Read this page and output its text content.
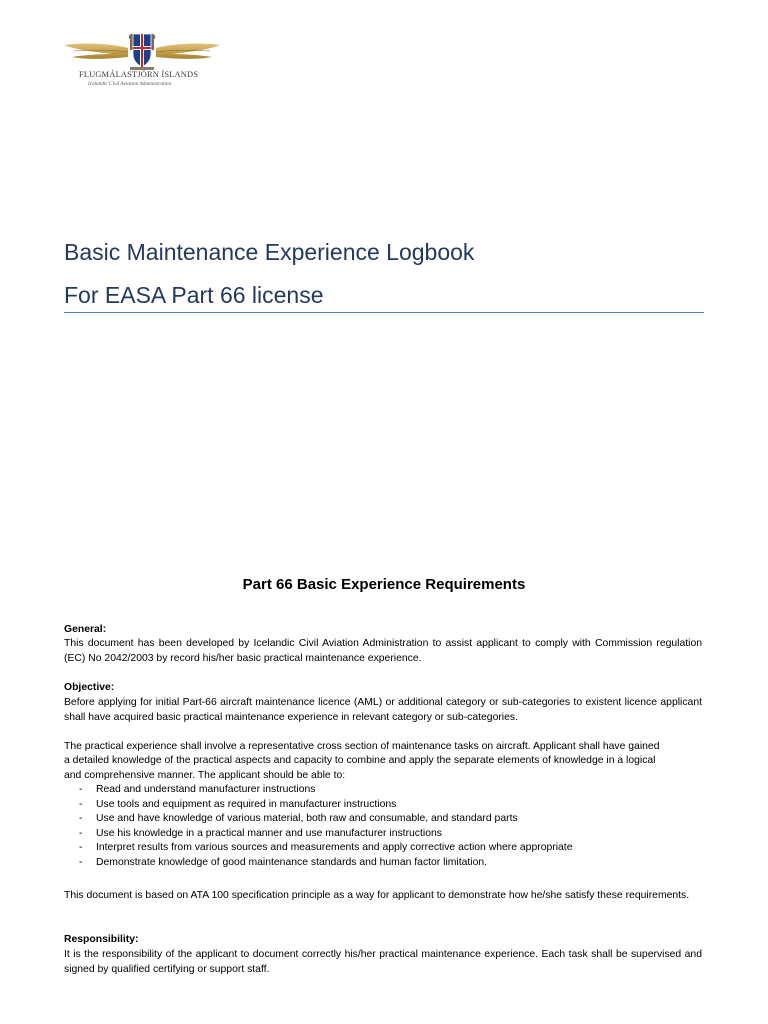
FLUGMÁLASTJÓRN ÍSLANDS
Icelandic Civil Aviation Administration
Basic Maintenance Experience Logbook
For EASA Part 66 license
Part 66 Basic Experience Requirements
General:
This document has been developed by Icelandic Civil Aviation Administration to assist applicant to comply with Commission regulation (EC) No 2042/2003 by record his/her basic practical maintenance experience.
Objective:
Before applying for initial Part-66 aircraft maintenance licence (AML) or additional category or sub-categories to existent licence applicant shall have acquired basic practical maintenance experience in relevant category or sub-categories.
The practical experience shall involve a representative cross section of maintenance tasks on aircraft. Applicant shall have gained
a detailed knowledge of the practical aspects and capacity to combine and apply the separate elements of knowledge in a logical
and comprehensive manner. The applicant should be able to:
- Read and understand manufacturer instructions
- Use tools and equipment as required in manufacturer instructions
- Use and have knowledge of various material, both raw and consumable, and standard parts
- Use his knowledge in a practical manner and use manufacturer instructions
- Interpret results from various sources and measurements and apply corrective action where appropriate
- Demonstrate knowledge of good maintenance standards and human factor limitation.
This document is based on ATA 100 specification principle as a way for applicant to demonstrate how he/she satisfy these requirements.
Responsibility:
It is the responsibility of the applicant to document correctly his/her practical maintenance experience. Each task shall be supervised and signed by qualified certifying or support staff.
